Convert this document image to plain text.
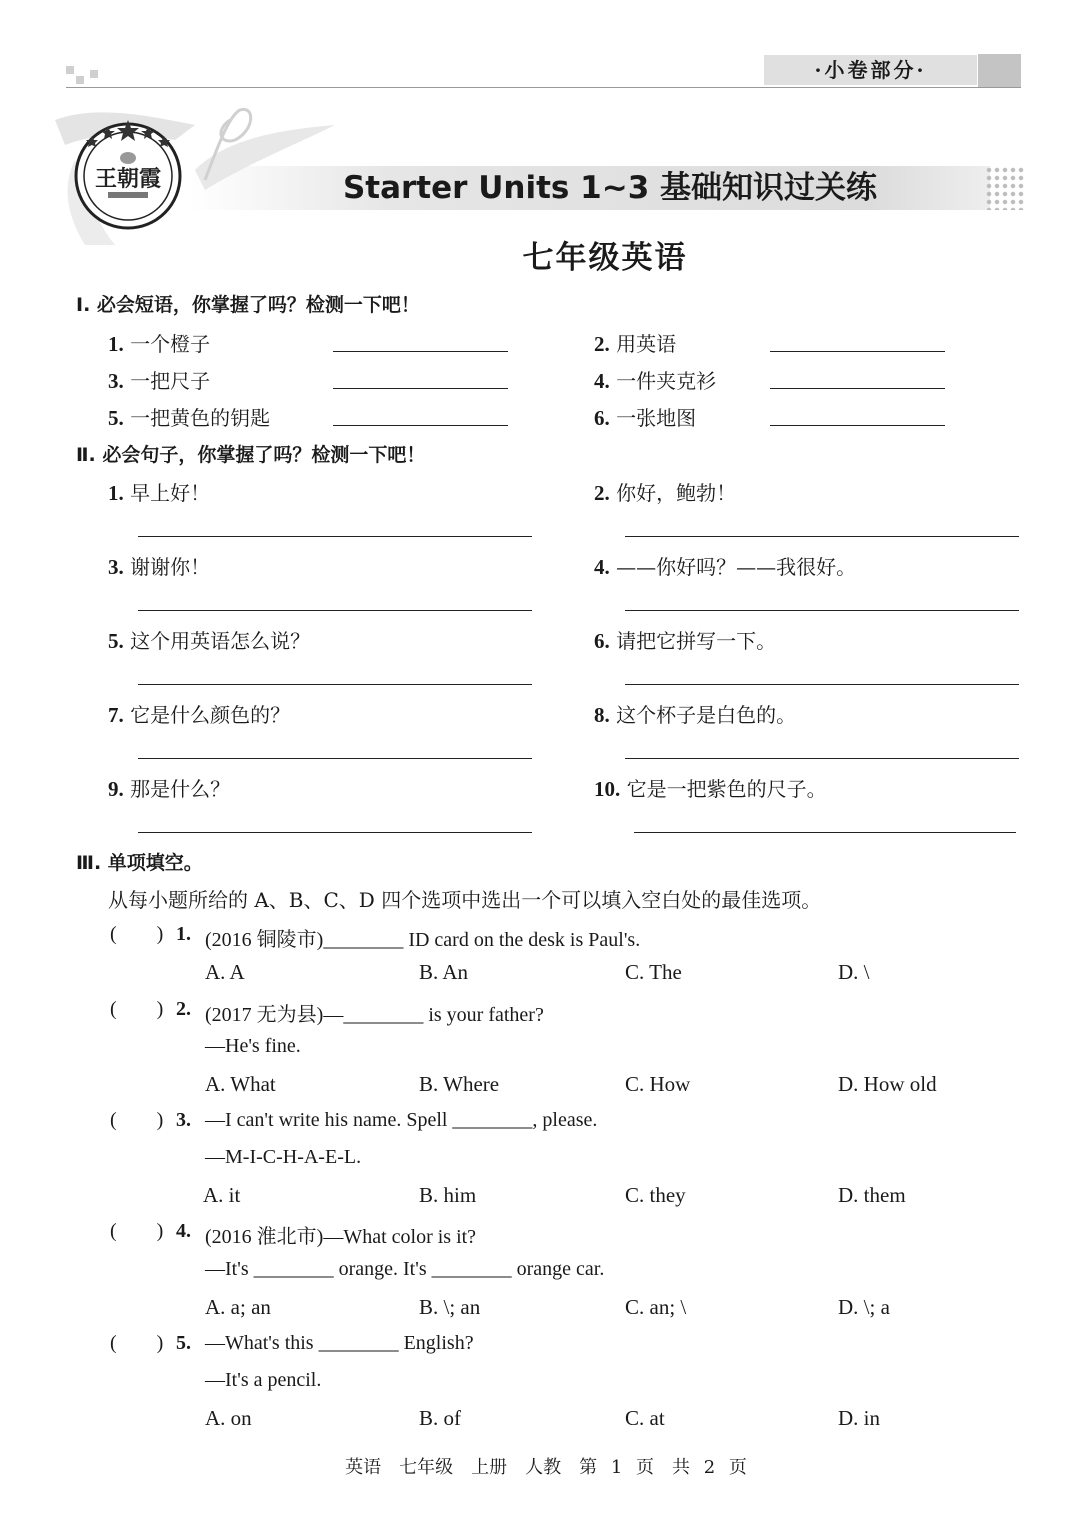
·小卷部分·
王朝霞	Starter Units 1~3 基础知识过关练
七年级英语
Ⅰ. 必会短语，你掌握了吗？检测一下吧！
1. 一个橙子	2. 用英语
3. 一把尺子	4. 一件夹克衫
5. 一把黄色的钥匙	6. 一张地图
Ⅱ. 必会句子，你掌握了吗？检测一下吧！
1. 早上好！	2. 你好，鲍勃！
3. 谢谢你！	4. ——你好吗？——我很好。
5. 这个用英语怎么说？	6. 请把它拼写一下。
7. 它是什么颜色的？	8. 这个杯子是白色的。
9. 那是什么？	10. 它是一把紫色的尺子。
Ⅲ. 单项填空。
从每小题所给的 A、B、C、D 四个选项中选出一个可以填入空白处的最佳选项。
(        ) 1. (2016 铜陵市)________ ID card on the desk is Paul's.
A. A	B. An	C. The	D. \
(        ) 2. (2017 无为县)—________ is your father?
—He's fine.
A. What	B. Where	C. How	D. How old
(        ) 3. —I can't write his name. Spell ________, please.
—M-I-C-H-A-E-L.
A. it	B. him	C. they	D. them
(        ) 4. (2016 淮北市)—What color is it?
—It's ________ orange. It's ________ orange car.
A. a; an	B. \; an	C. an; \	D. \; a
(        ) 5. —What's this ________ English?
—It's a pencil.
A. on	B. of	C. at	D. in
英语　七年级　上册　人教　第 1 页　共 2 页
